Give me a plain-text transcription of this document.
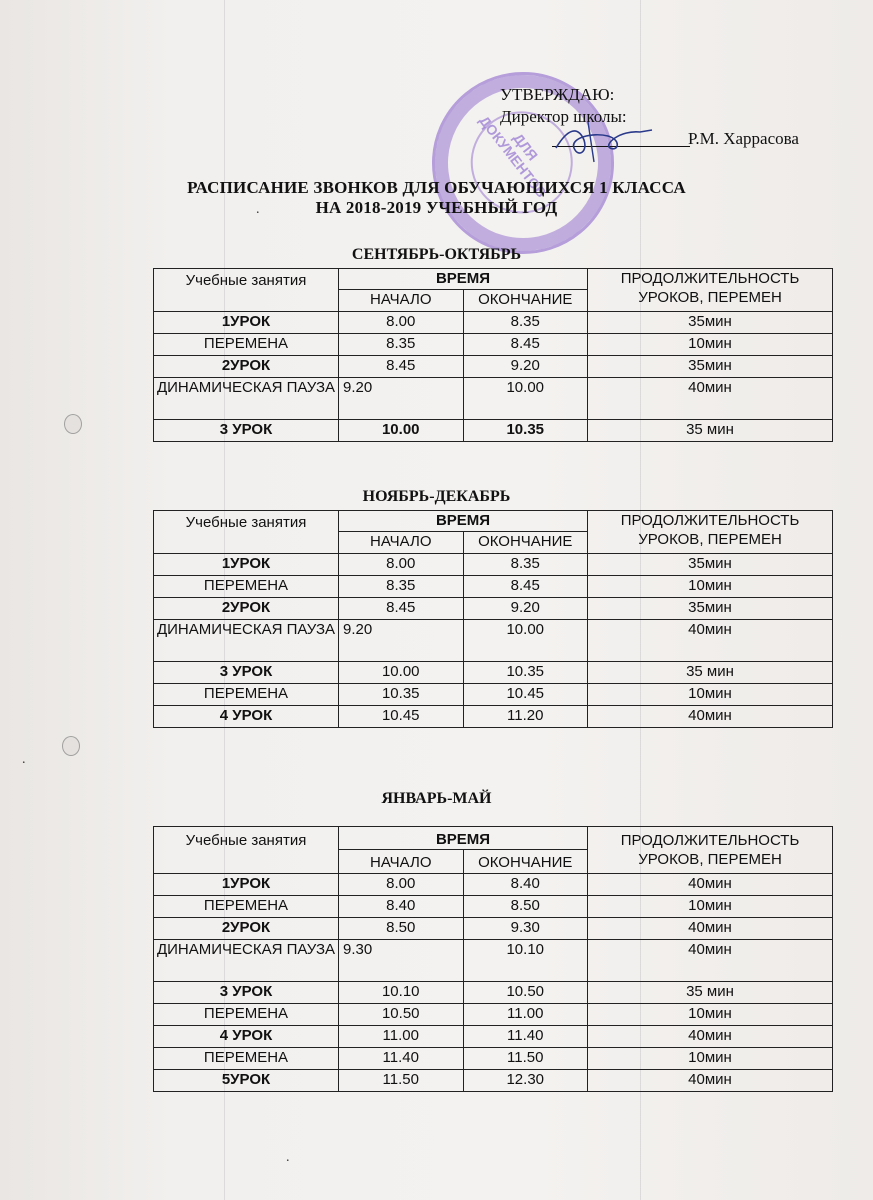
ДЛЯ ДОКУМЕНТОВ
УТВЕРЖДАЮ:
Директор школы:
Р.М. Харрасова
РАСПИСАНИЕ ЗВОНКОВ ДЛЯ ОБУЧАЮЩИХСЯ 1 КЛАССА
НА 2018-2019 УЧЕБНЫЙ ГОД
.
СЕНТЯБРЬ-ОКТЯБРЬ
Учебные занятия	ВРЕМЯ		ПРОДОЛЖИТЕЛЬНОСТЬ УРОКОВ, ПЕРЕМЕН
	НАЧАЛО	ОКОНЧАНИЕ	
1УРОК	8.00	8.35	35мин
ПЕРЕМЕНА	8.35	8.45	10мин
2УРОК	8.45	9.20	35мин
ДИНАМИЧЕСКАЯ ПАУЗА	9.20	10.00	40мин
3 УРОК	10.00	10.35	35 мин
НОЯБРЬ-ДЕКАБРЬ
Учебные занятия	ВРЕМЯ		ПРОДОЛЖИТЕЛЬНОСТЬ УРОКОВ, ПЕРЕМЕН
	НАЧАЛО	ОКОНЧАНИЕ	
1УРОК	8.00	8.35	35мин
ПЕРЕМЕНА	8.35	8.45	10мин
2УРОК	8.45	9.20	35мин
ДИНАМИЧЕСКАЯ ПАУЗА	9.20	10.00	40мин
3 УРОК	10.00	10.35	35 мин
ПЕРЕМЕНА	10.35	10.45	10мин
4 УРОК	10.45	11.20	40мин
ЯНВАРЬ-МАЙ
Учебные занятия	ВРЕМЯ		ПРОДОЛЖИТЕЛЬНОСТЬ УРОКОВ, ПЕРЕМЕН
	НАЧАЛО	ОКОНЧАНИЕ	
1УРОК	8.00	8.40	40мин
ПЕРЕМЕНА	8.40	8.50	10мин
2УРОК	8.50	9.30	40мин
ДИНАМИЧЕСКАЯ ПАУЗА	9.30	10.10	40мин
3 УРОК	10.10	10.50	35 мин
ПЕРЕМЕНА	10.50	11.00	10мин
4 УРОК	11.00	11.40	40мин
ПЕРЕМЕНА	11.40	11.50	10мин
5УРОК	11.50	12.30	40мин
.
.
